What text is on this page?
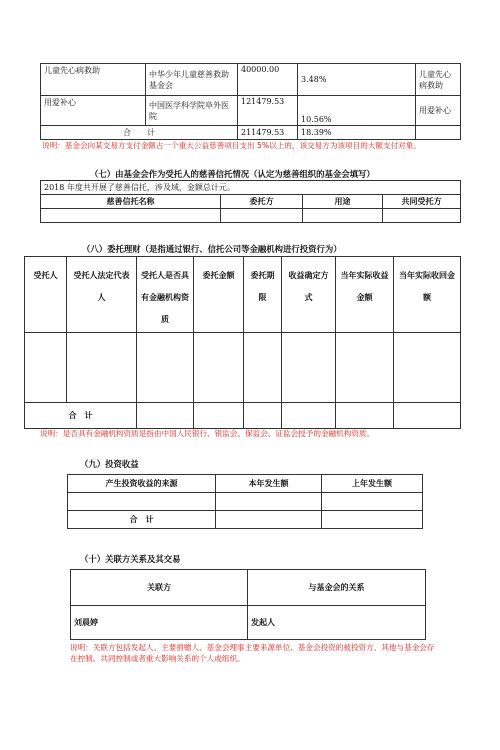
儿童先心病救助	中华少年儿童慈善救助基金会	40000.00	3.48%	儿童先心病救助
用爱补心	中国医学科学院阜外医院	121479.53	10.56%	用爱补心
合　　计		211479.53	18.39%	
说明：基金会向某交易方支付金额占一个重大公益慈善项目支出 5%以上的，该交易方为该项目的大额支付对象。
（七）由基金会作为受托人的慈善信托情况（认定为慈善组织的基金会填写）
2018 年度共开展了慈善信托，涉及域，金额总计元。			
慈善信托名称	委托方	用途	共同受托方

（八）委托理财（是指通过银行、信托公司等金融机构进行投资行为）
受托人	受托人法定代表人	受托人是否具有金融机构资质	委托金额	委托期限	收益确定方式	当年实际收益金额	当年实际收回金额

合　计							
说明：是否具有金融机构资质是指由中国人民银行、银监会、保监会、证监会授予的金融机构资质。
（九）投资收益
产生投资收益的来源	本年发生额	上年发生额

合　计		
（十）关联方关系及其交易
关联方	与基金会的关系
刘晨婷	发起人
说明：关联方包括发起人、主要捐赠人、基金会理事主要来源单位、基金会投资的被投资方、其他与基金会存在控制、共同控制或者重大影响关系的个人或组织。
